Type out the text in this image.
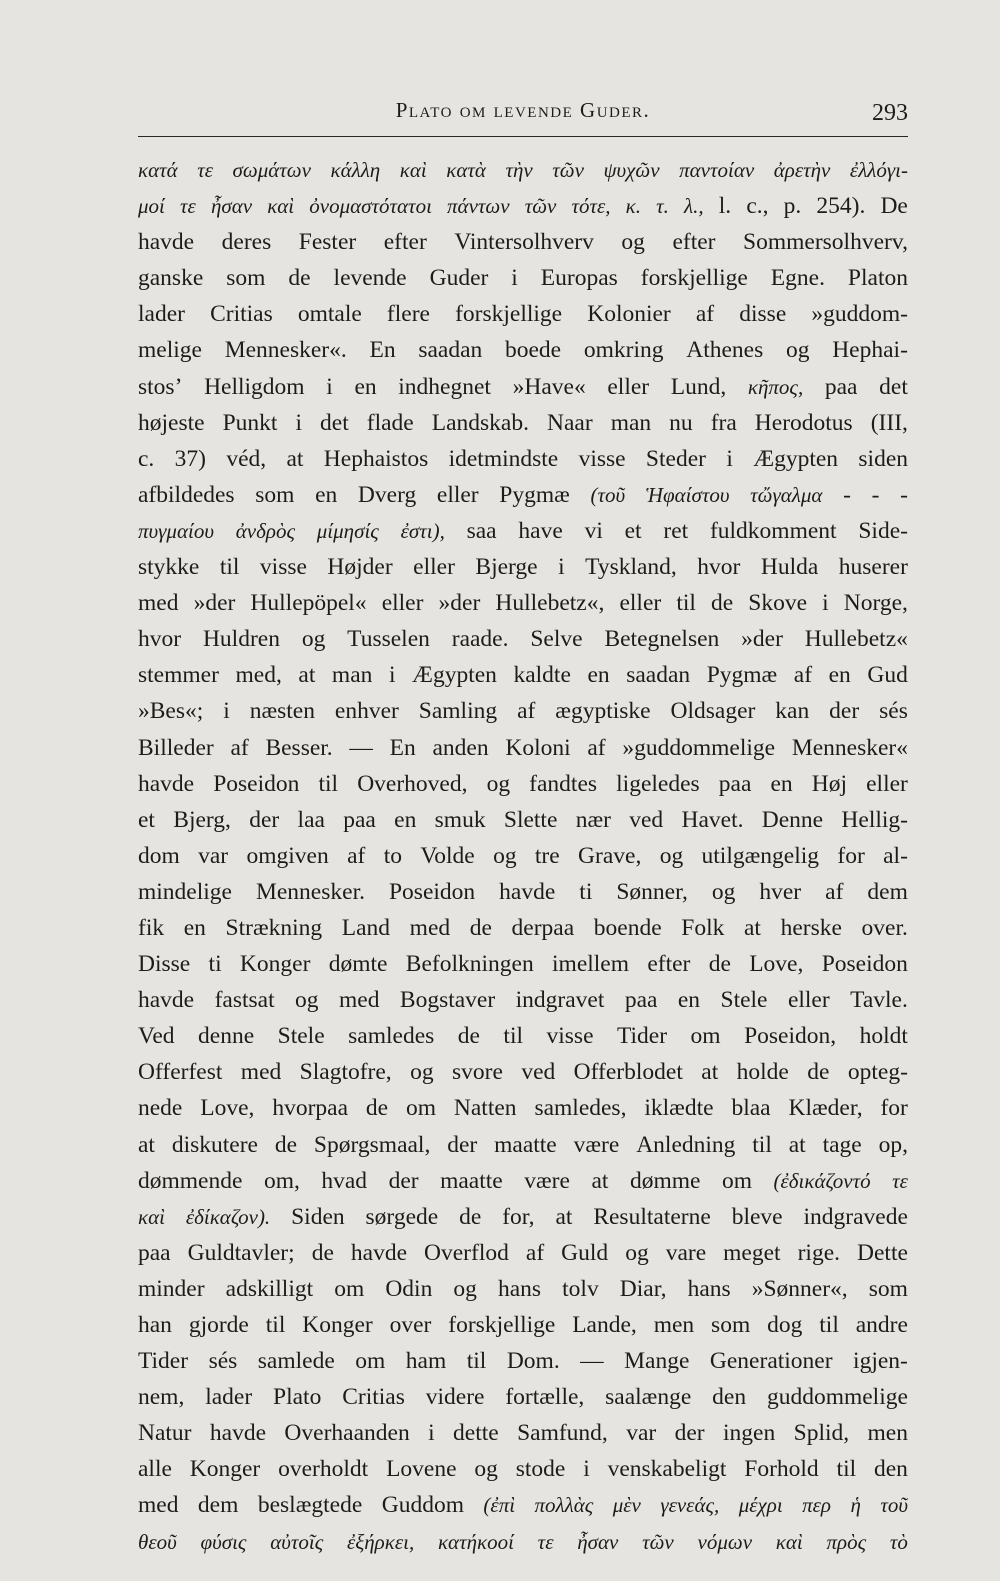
Plato om levende Guder.	293
κατά τε σωμάτων κάλλη καὶ κατὰ τὴν τῶν ψυχῶν παντοίαν ἀρετὴν ἐλλόγι-
μοί τε ἦσαν καὶ ὀνομαστότατοι πάντων τῶν τότε, κ. τ. λ., l. c., p. 254). De
havde deres Fester efter Vintersolhverv og efter Sommersolhverv,
ganske som de levende Guder i Europas forskjellige Egne. Platon
lader Critias omtale flere forskjellige Kolonier af disse »guddom-
melige Mennesker«. En saadan boede omkring Athenes og Hephai-
stos’ Helligdom i en indhegnet »Have« eller Lund, κῆπος, paa det
højeste Punkt i det flade Landskab. Naar man nu fra Herodotus (III,
c. 37) véd, at Hephaistos idetmindste visse Steder i Ægypten siden
afbildedes som en Dverg eller Pygmæ (τοῦ Ἡφαίστου τὤγαλμα - - -
πυγμαίου ἀνδρὸς μίμησίς ἐστι), saa have vi et ret fuldkomment Side-
stykke til visse Højder eller Bjerge i Tyskland, hvor Hulda huserer
med »der Hullepöpel« eller »der Hullebetz«, eller til de Skove i Norge,
hvor Huldren og Tusselen raade. Selve Betegnelsen »der Hullebetz«
stemmer med, at man i Ægypten kaldte en saadan Pygmæ af en Gud
»Bes«; i næsten enhver Samling af ægyptiske Oldsager kan der sés
Billeder af Besser. — En anden Koloni af »guddommelige Mennesker«
havde Poseidon til Overhoved, og fandtes ligeledes paa en Høj eller
et Bjerg, der laa paa en smuk Slette nær ved Havet. Denne Hellig-
dom var omgiven af to Volde og tre Grave, og utilgængelig for al-
mindelige Mennesker. Poseidon havde ti Sønner, og hver af dem
fik en Strækning Land med de derpaa boende Folk at herske over.
Disse ti Konger dømte Befolkningen imellem efter de Love, Poseidon
havde fastsat og med Bogstaver indgravet paa en Stele eller Tavle.
Ved denne Stele samledes de til visse Tider om Poseidon, holdt
Offerfest med Slagtofre, og svore ved Offerblodet at holde de opteg-
nede Love, hvorpaa de om Natten samledes, iklædte blaa Klæder, for
at diskutere de Spørgsmaal, der maatte være Anledning til at tage op,
dømmende om, hvad der maatte være at dømme om (ἐδικάζοντό τε
καὶ ἐδίκαζον). Siden sørgede de for, at Resultaterne bleve indgravede
paa Guldtavler; de havde Overflod af Guld og vare meget rige. Dette
minder adskilligt om Odin og hans tolv Diar, hans »Sønner«, som
han gjorde til Konger over forskjellige Lande, men som dog til andre
Tider sés samlede om ham til Dom. — Mange Generationer igjen-
nem, lader Plato Critias videre fortælle, saalænge den guddommelige
Natur havde Overhaanden i dette Samfund, var der ingen Splid, men
alle Konger overholdt Lovene og stode i venskabeligt Forhold til den
med dem beslægtede Guddom (ἐπὶ πολλὰς μὲν γενεάς, μέχρι περ ἡ τοῦ
θεοῦ φύσις αὐτοῖς ἐξήρκει, κατήκοοί τε ἦσαν τῶν νόμων καὶ πρὸς τὸ
